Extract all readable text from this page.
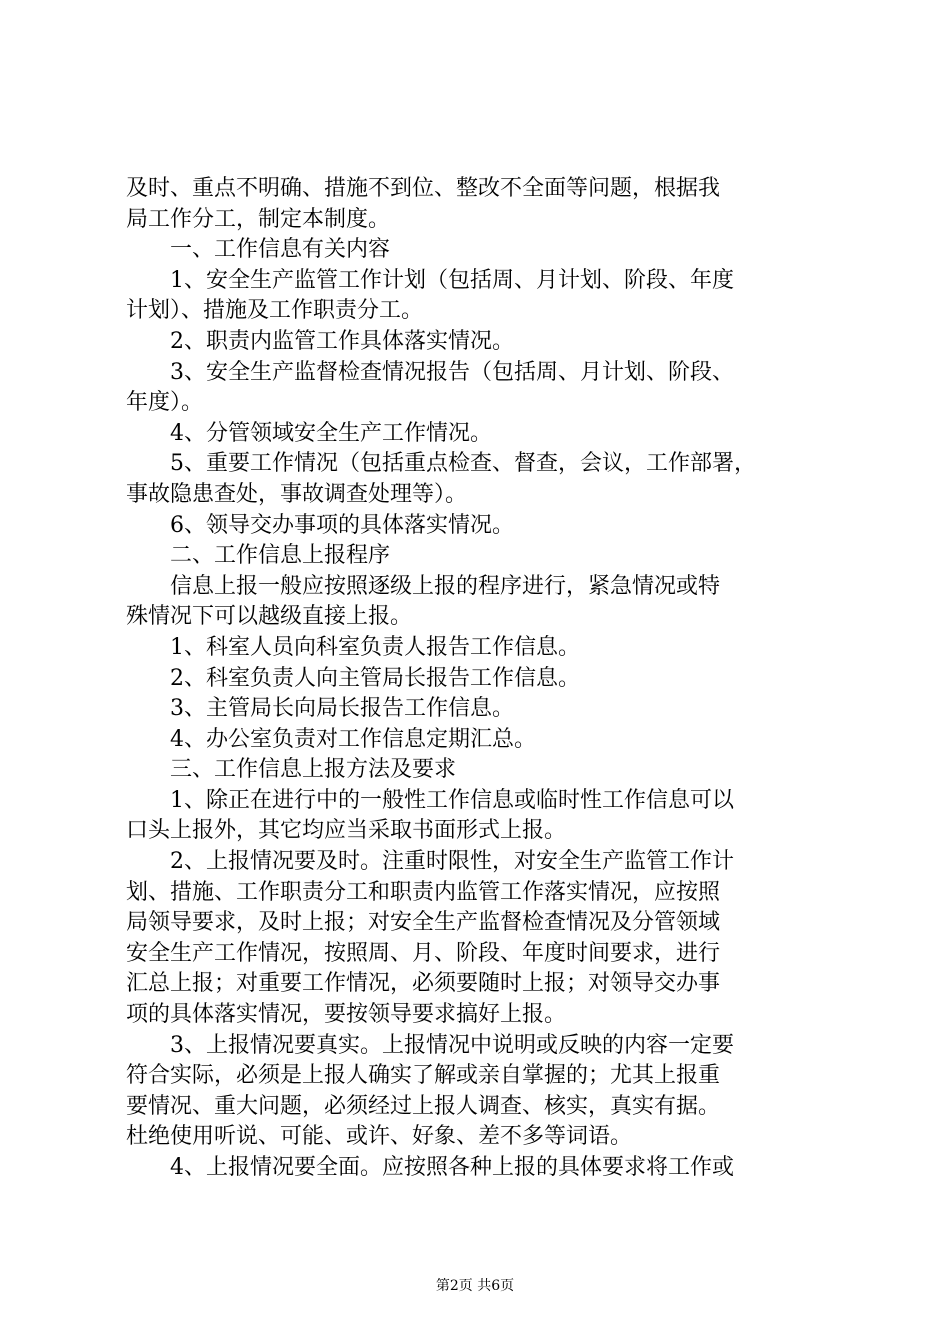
及时、重点不明确、措施不到位、整改不全面等问题，根据我
局工作分工，制定本制度。
　　一、工作信息有关内容
　　1、安全生产监管工作计划（包括周、月计划、阶段、年度
计划）、措施及工作职责分工。
　　2、职责内监管工作具体落实情况。
　　3、安全生产监督检查情况报告（包括周、月计划、阶段、
年度）。
　　4、分管领域安全生产工作情况。
　　5、重要工作情况（包括重点检查、督查，会议，工作部署，
事故隐患查处，事故调查处理等）。
　　6、领导交办事项的具体落实情况。
　　二、工作信息上报程序
　　信息上报一般应按照逐级上报的程序进行，紧急情况或特
殊情况下可以越级直接上报。
　　1、科室人员向科室负责人报告工作信息。
　　2、科室负责人向主管局长报告工作信息。
　　3、主管局长向局长报告工作信息。
　　4、办公室负责对工作信息定期汇总。
　　三、工作信息上报方法及要求
　　1、除正在进行中的一般性工作信息或临时性工作信息可以
口头上报外，其它均应当采取书面形式上报。
　　2、上报情况要及时。注重时限性，对安全生产监管工作计
划、措施、工作职责分工和职责内监管工作落实情况，应按照
局领导要求，及时上报；对安全生产监督检查情况及分管领域
安全生产工作情况，按照周、月、阶段、年度时间要求，进行
汇总上报；对重要工作情况，必须要随时上报；对领导交办事
项的具体落实情况，要按领导要求搞好上报。
　　3、上报情况要真实。上报情况中说明或反映的内容一定要
符合实际，必须是上报人确实了解或亲自掌握的；尤其上报重
要情况、重大问题，必须经过上报人调查、核实，真实有据。
杜绝使用听说、可能、或许、好象、差不多等词语。
　　4、上报情况要全面。应按照各种上报的具体要求将工作或
第2页 共6页
